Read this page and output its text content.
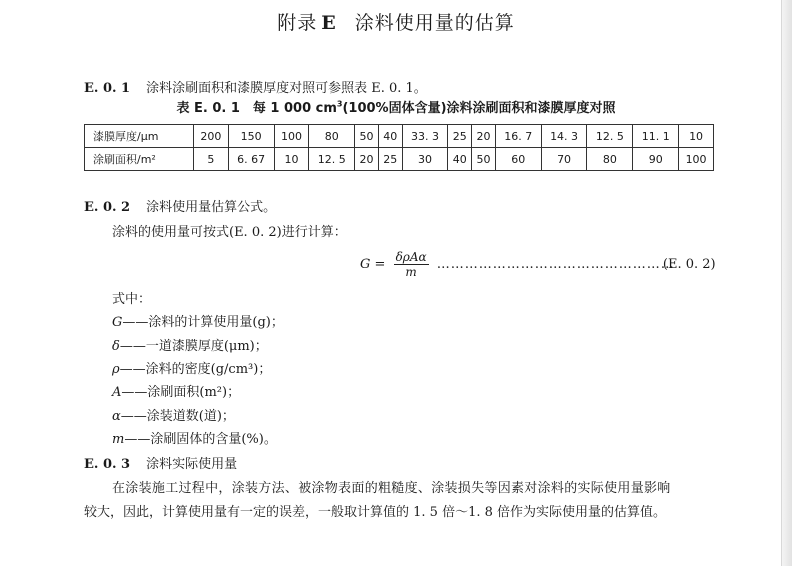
附录 E 涂料使用量的估算
E. 0. 1 涂料涂刷面积和漆膜厚度对照可参照表 E. 0. 1。
表 E. 0. 1　每 1 000 $cm^3(100\%$固体含量)涂料涂刷面积和漆膜厚度对照
漆膜厚度/μm	200	150	100	80	50	40	33. 3	25	20	16. 7	14. 3	12. 5	11. 1	10
涂刷面积/m²	5	6. 67	10	12. 5	20	25	30	40	50	60	70	80	90	100
E. 0. 2 涂料使用量估算公式。
涂料的使用量可按式(E. 0. 2)进行计算：
$G = \frac{\text{δρAα}}{m}$ …………………………………………… (E. 0. 2)
式中：
G——涂料的计算使用量(g)；
δ——一道漆膜厚度(μm)；
ρ——涂料的密度(g/cm³)；
A——涂刷面积(m²)；
α——涂装道数(道)；
m——涂刷固体的含量(%)。
E. 0. 3 涂料实际使用量
在涂装施工过程中，涂装方法、被涂物表面的粗糙度、涂装损失等因素对涂料的实际使用量影响
较大，因此，计算使用量有一定的误差，一般取计算值的 1. 5 倍～1. 8 倍作为实际使用量的估算值。
